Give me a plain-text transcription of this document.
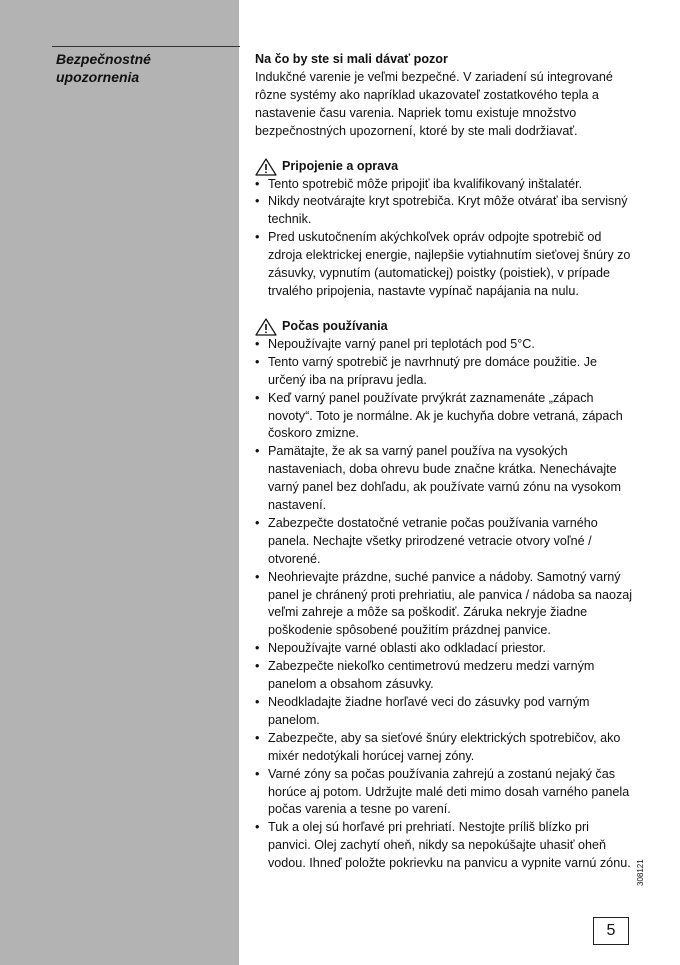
Bezpečnostné
upozornenia

Na čo by ste si mali dávať pozor

Indukčné varenie je veľmi bezpečné. V zariadení sú integrované rôzne systémy ako napríklad ukazovateľ zostatkového tepla a nastavenie času varenia. Napriek tomu existuje množstvo bezpečnostných upozornení, ktoré by ste mali dodržiavať.

Pripojenie a oprava
• Tento spotrebič môže pripojiť iba kvalifikovaný inštalatér.
• Nikdy neotvárajte kryt spotrebiča. Kryt môže otvárať iba servisný technik.
• Pred uskutočnením akýchkoľvek opráv odpojte spotrebič od zdroja elektrickej energie, najlepšie vytiahnutím sieťovej šnúry zo zásuvky, vypnutím (automatickej) poistky (poistiek), v prípade trvalého pripojenia, nastavte vypínač napájania na nulu.
Počas používania
• Nepoužívajte varný panel pri teplotách pod 5°C.
• Tento varný spotrebič je navrhnutý pre domáce použitie. Je určený iba na prípravu jedla.
• Keď varný panel používate prvýkrát zaznamenáte „zápach novoty“. Toto je normálne. Ak je kuchyňa dobre vetraná, zápach čoskoro zmizne.
• Pamätajte, že ak sa varný panel používa na vysokých nastaveniach, doba ohrevu bude značne krátka. Nenechávajte varný panel bez dohľadu, ak používate varnú zónu na vysokom nastavení.
• Zabezpečte dostatočné vetranie počas používania varného panela. Nechajte všetky prirodzené vetracie otvory voľné / otvorené.
• Neohrievajte prázdne, suché panvice a nádoby. Samotný varný panel je chránený proti prehriatiu, ale panvica / nádoba sa naozaj veľmi zahreje a môže sa poškodiť. Záruka nekryje žiadne poškodenie spôsobené použitím prázdnej panvice.
• Nepoužívajte varné oblasti ako odkladací priestor.
• Zabezpečte niekoľko centimetrovú medzeru medzi varným panelom a obsahom zásuvky.
• Neodkladajte žiadne horľavé veci do zásuvky pod varným panelom.
• Zabezpečte, aby sa sieťové šnúry elektrických spotrebičov, ako mixér nedotýkali horúcej varnej zóny.
• Varné zóny sa počas používania zahrejú a zostanú nejaký čas horúce aj potom. Udržujte malé deti mimo dosah varného panela počas varenia a tesne po varení.
• Tuk a olej sú horľavé pri prehriatí. Nestojte príliš blízko pri panvici. Olej zachytí oheň, nikdy sa nepokúšajte uhasiť oheň vodou. Ihneď položte pokrievku na panvicu a vypnite varnú zónu. 308121
5
